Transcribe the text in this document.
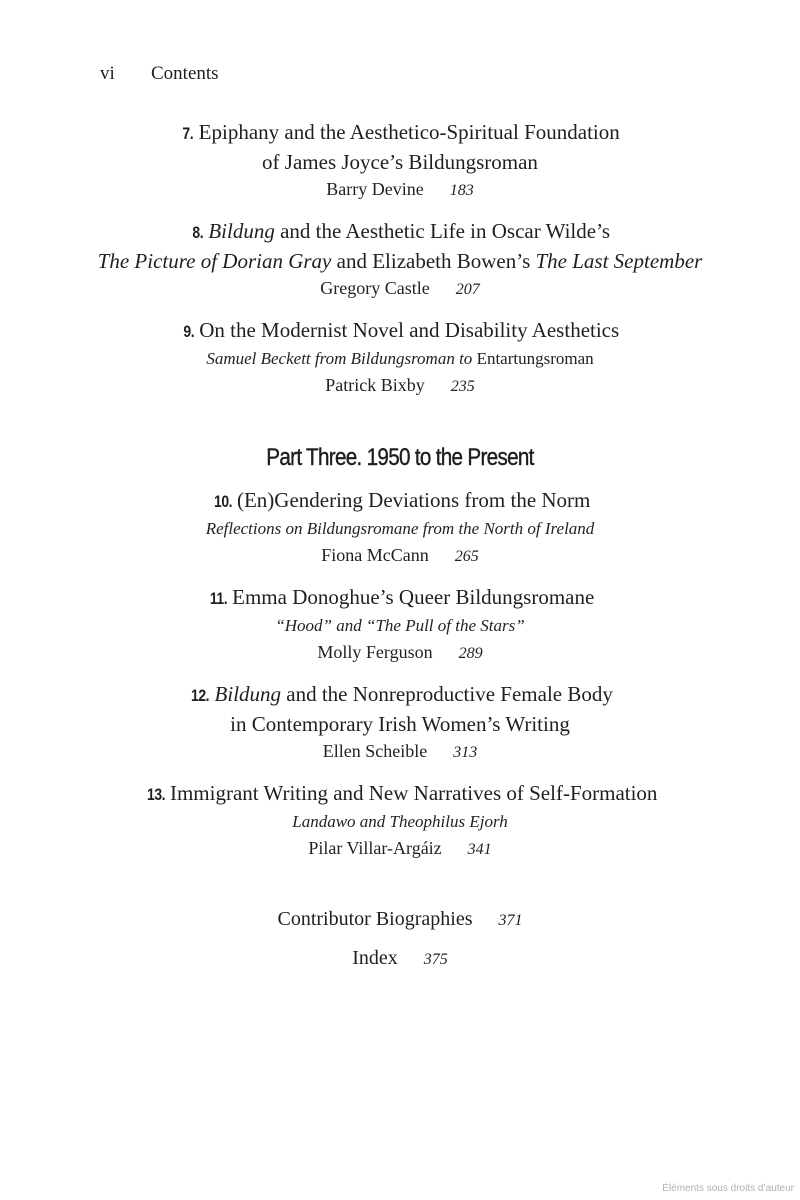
vi Contents
7. Epiphany and the Aesthetico-Spiritual Foundation
of James Joyce’s Bildungsroman
Barry Devine 183
8. Bildung and the Aesthetic Life in Oscar Wilde’s
The Picture of Dorian Gray and Elizabeth Bowen’s The Last September
Gregory Castle 207
9. On the Modernist Novel and Disability Aesthetics
Samuel Beckett from Bildungsroman to Entartungsroman
Patrick Bixby 235
Part Three. 1950 to the Present
10. (En)Gendering Deviations from the Norm
Reflections on Bildungsromane from the North of Ireland
Fiona McCann 265
11. Emma Donoghue’s Queer Bildungsromane
“Hood” and “The Pull of the Stars”
Molly Ferguson 289
12. Bildung and the Nonreproductive Female Body
in Contemporary Irish Women’s Writing
Ellen Scheible 313
13. Immigrant Writing and New Narratives of Self-Formation
Landawo and Theophilus Ejorh
Pilar Villar-Argáiz 341
Contributor Biographies 371
Index 375
Éléments sous droits d’auteur
